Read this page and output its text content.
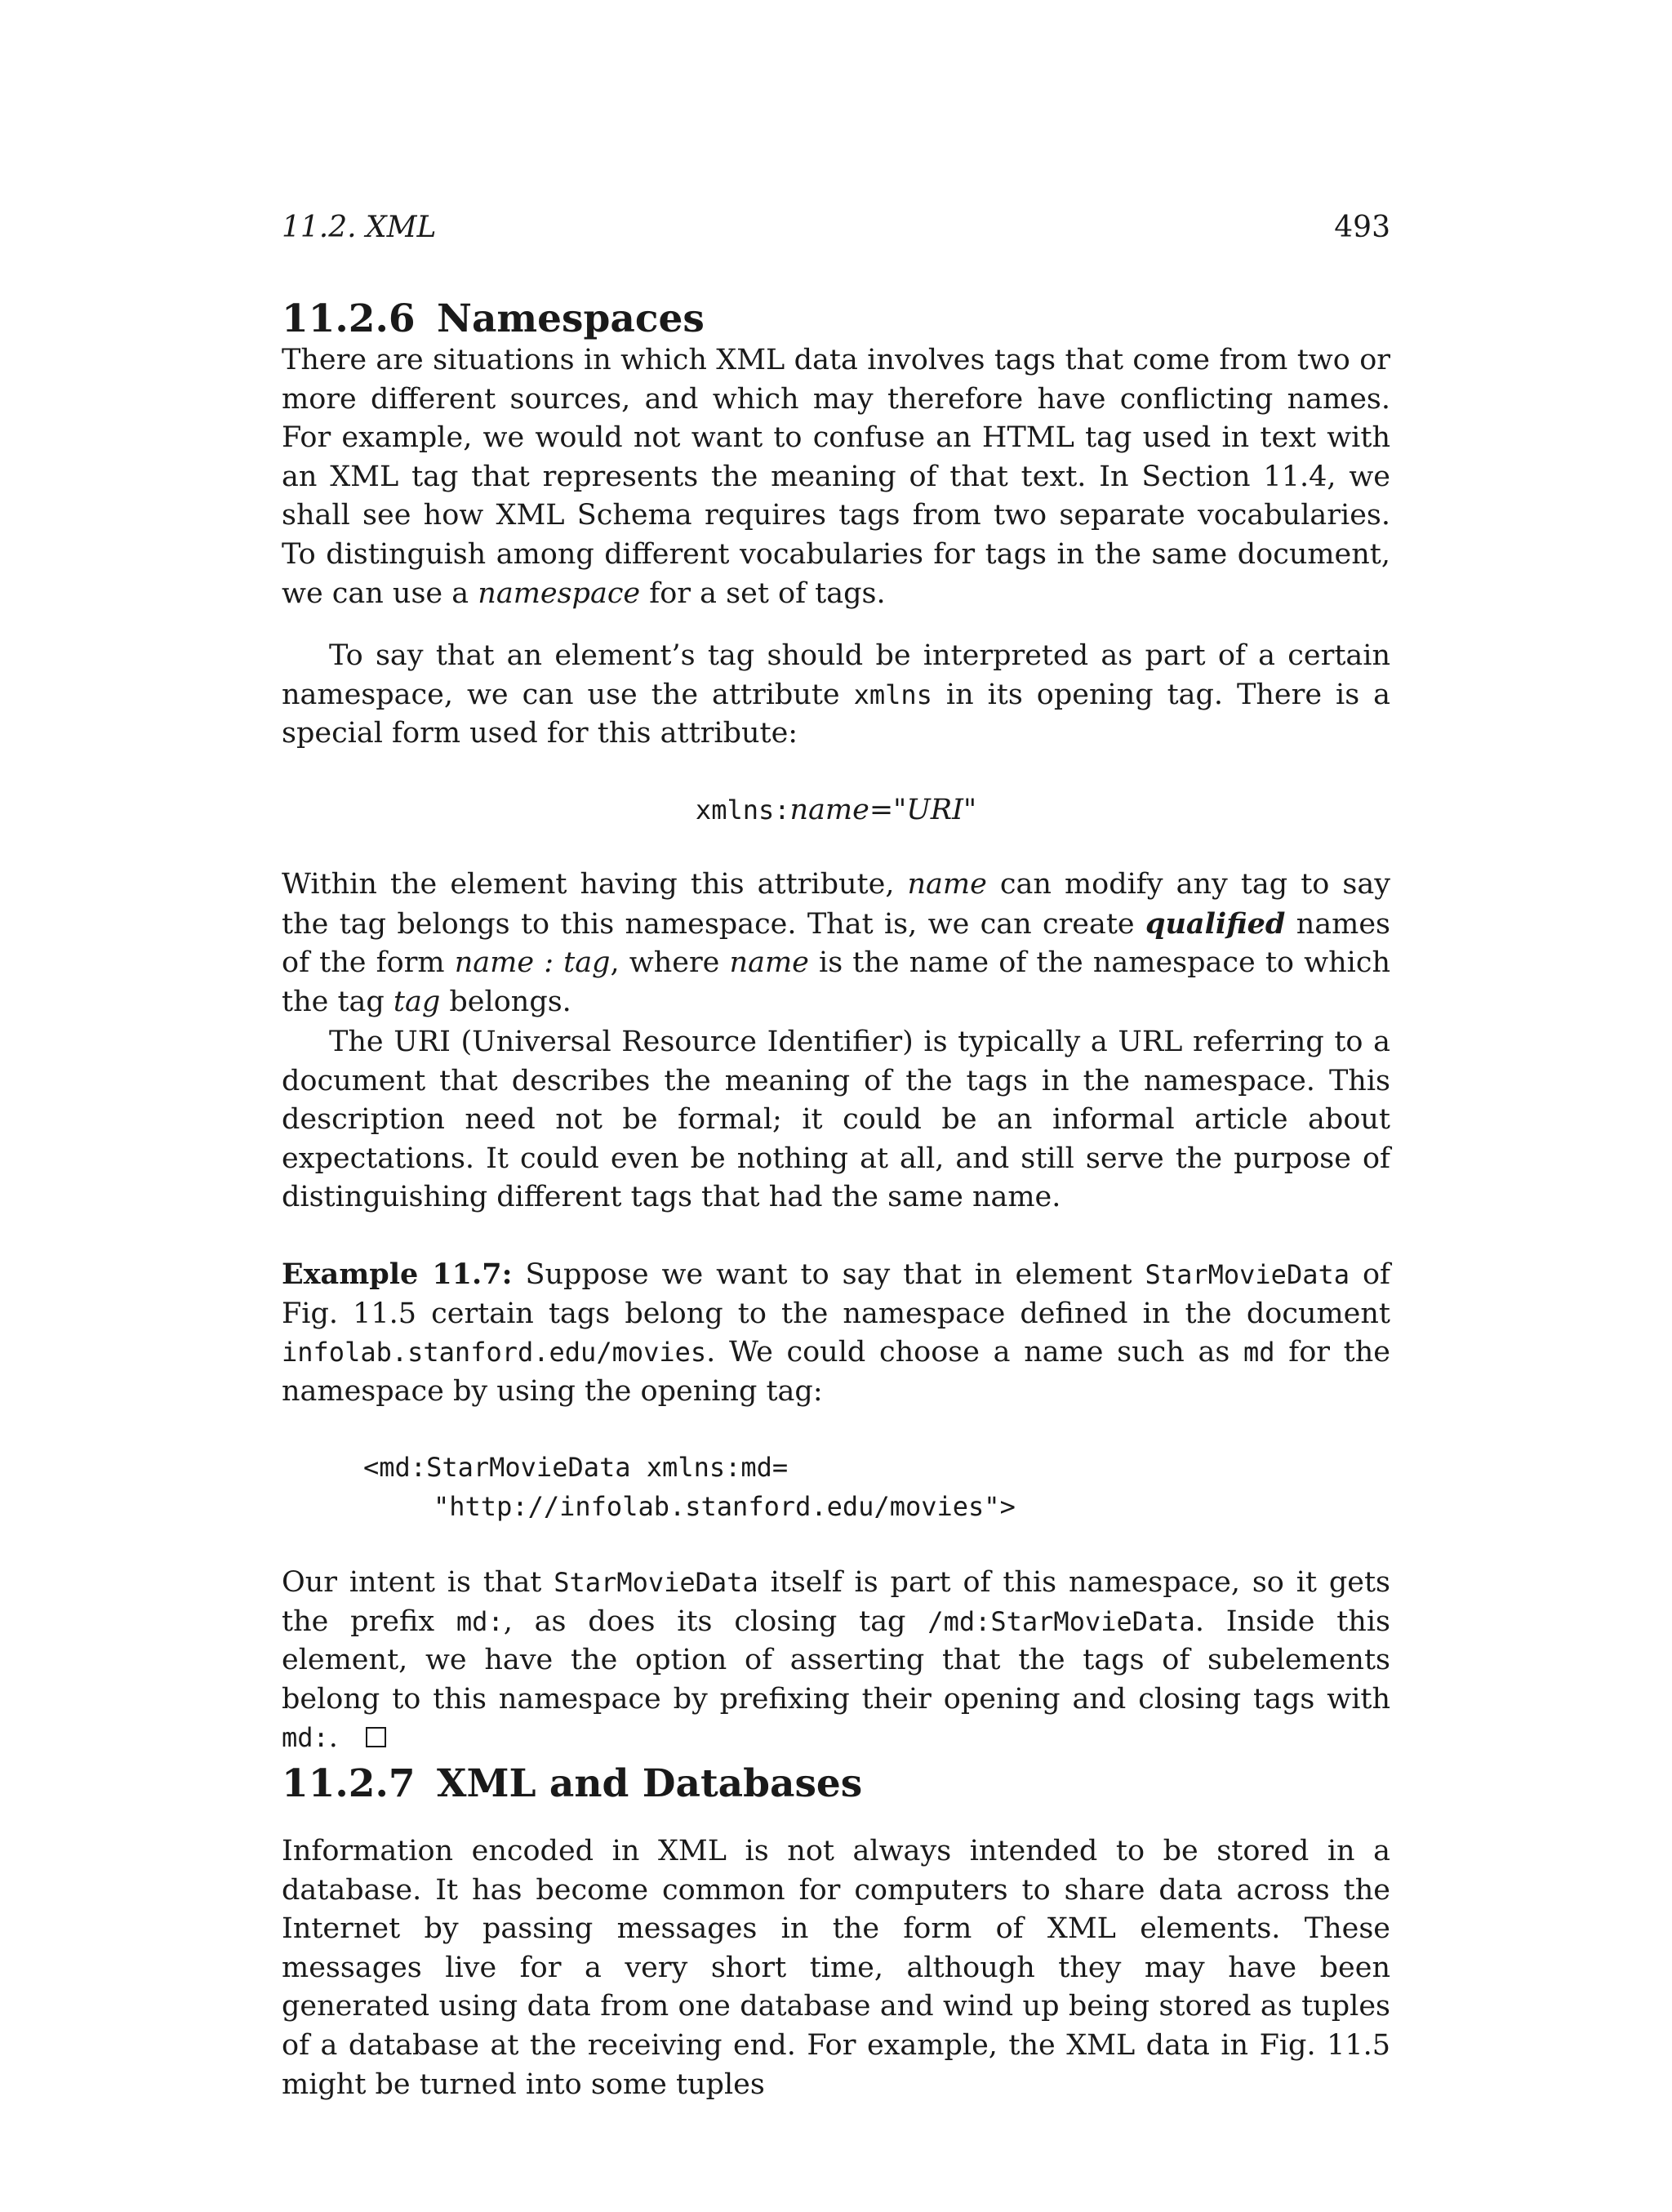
11.2. XML	493
11.2.6 Namespaces

There are situations in which XML data involves tags that come from two or more different sources, and which may therefore have conflicting names. For example, we would not want to confuse an HTML tag used in text with an XML tag that represents the meaning of that text. In Section 11.4, we shall see how XML Schema requires tags from two separate vocabularies. To distinguish among different vocabularies for tags in the same document, we can use a namespace for a set of tags.

To say that an element’s tag should be interpreted as part of a certain namespace, we can use the attribute xmlns in its opening tag. There is a special form used for this attribute:

xmlns:name="URI"

Within the element having this attribute, name can modify any tag to say the tag belongs to this namespace. That is, we can create qualified names of the form name : tag, where name is the name of the namespace to which the tag tag belongs.

The URI (Universal Resource Identifier) is typically a URL referring to a document that describes the meaning of the tags in the namespace. This description need not be formal; it could be an informal article about expectations. It could even be nothing at all, and still serve the purpose of distinguishing different tags that had the same name.

Example 11.7: Suppose we want to say that in element StarMovieData of Fig. 11.5 certain tags belong to the namespace defined in the document infolab.stanford.edu/movies. We could choose a name such as md for the namespace by using the opening tag:

<md:StarMovieData xmlns:md=
"http://infolab.stanford.edu/movies">

Our intent is that StarMovieData itself is part of this namespace, so it gets the prefix md:, as does its closing tag /md:StarMovieData. Inside this element, we have the option of asserting that the tags of subelements belong to this namespace by prefixing their opening and closing tags with md:.

11.2.7 XML and Databases

Information encoded in XML is not always intended to be stored in a database. It has become common for computers to share data across the Internet by passing messages in the form of XML elements. These messages live for a very short time, although they may have been generated using data from one database and wind up being stored as tuples of a database at the receiving end. For example, the XML data in Fig. 11.5 might be turned into some tuples
